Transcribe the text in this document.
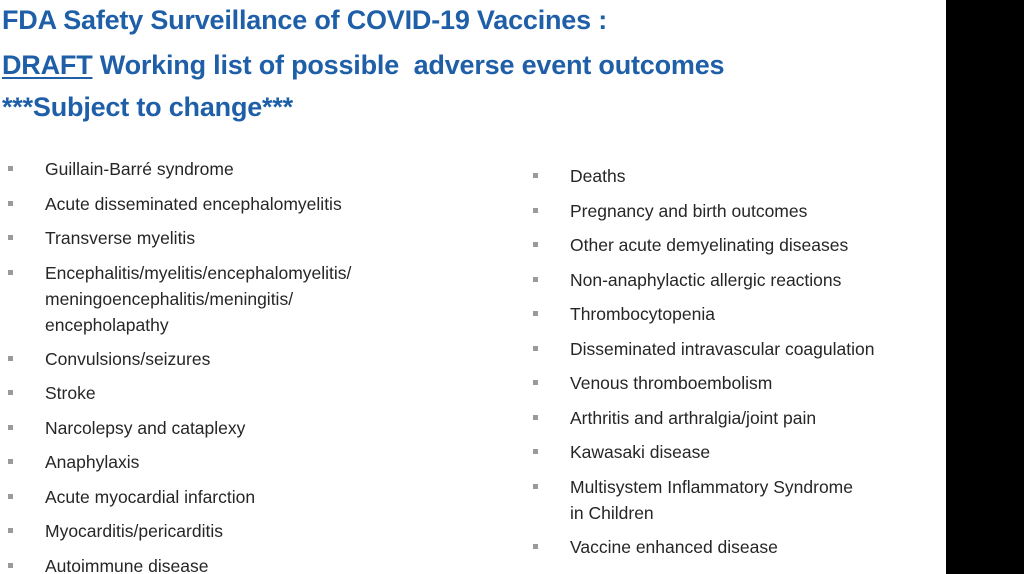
FDA Safety Surveillance of COVID-19 Vaccines :
DRAFT Working list of possible  adverse event outcomes
***Subject to change***
Guillain-Barré syndrome
Acute disseminated encephalomyelitis
Transverse myelitis
Encephalitis/myelitis/encephalomyelitis/
meningoencephalitis/meningitis/
encepholapathy
Convulsions/seizures
Stroke
Narcolepsy and cataplexy
Anaphylaxis
Acute myocardial infarction
Myocarditis/pericarditis
Autoimmune disease
Deaths
Pregnancy and birth outcomes
Other acute demyelinating diseases
Non-anaphylactic allergic reactions
Thrombocytopenia
Disseminated intravascular coagulation
Venous thromboembolism
Arthritis and arthralgia/joint pain
Kawasaki disease
Multisystem Inflammatory Syndrome
in Children
Vaccine enhanced disease
